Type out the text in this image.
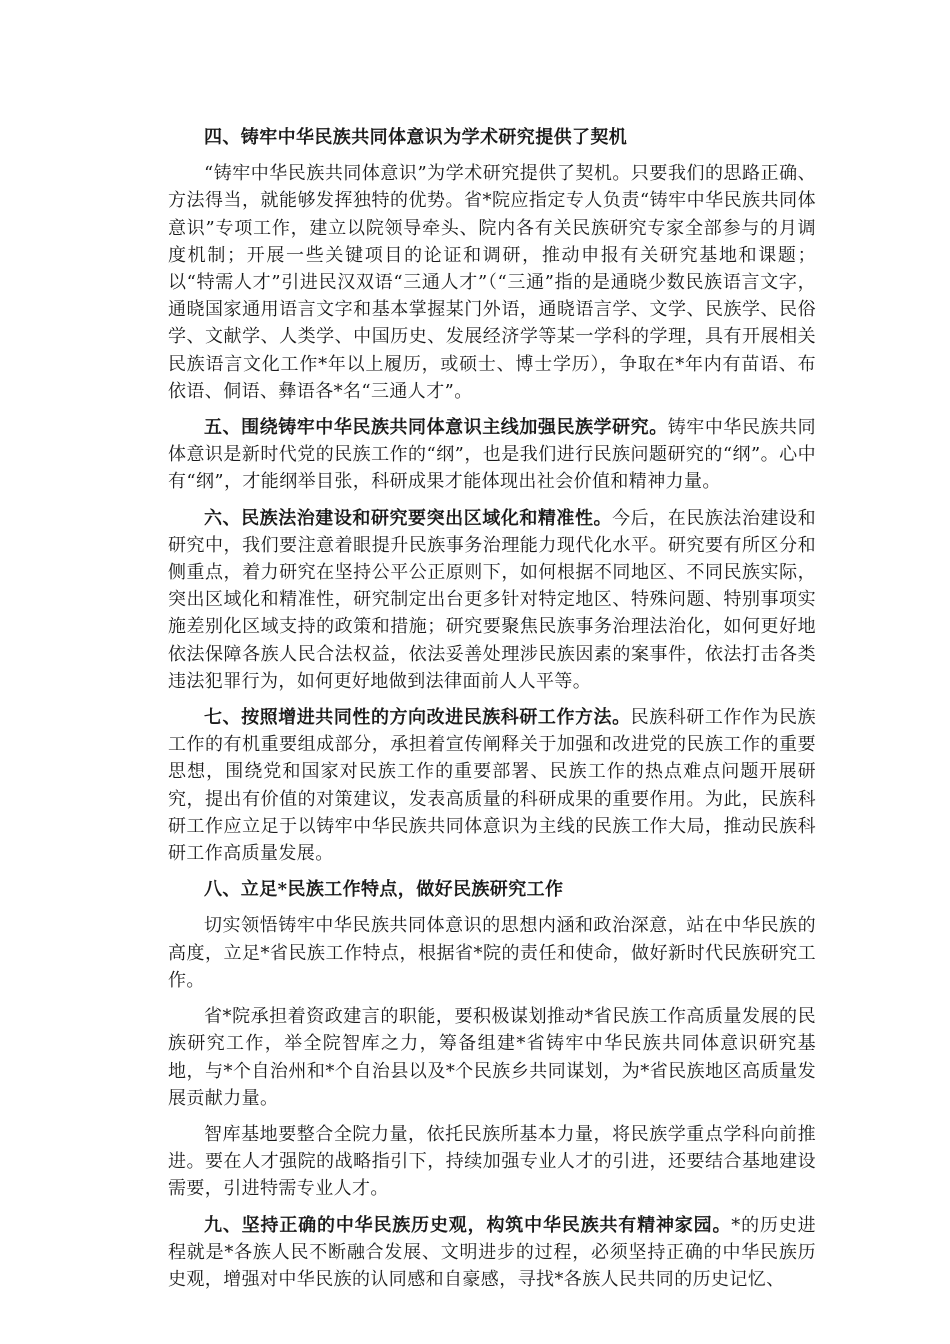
四、铸牢中华民族共同体意识为学术研究提供了契机

“铸牢中华民族共同体意识”为学术研究提供了契机。只要我们的思路正确、方法得当，就能够发挥独特的优势。省*院应指定专人负责“铸牢中华民族共同体意识”专项工作，建立以院领导牵头、院内各有关民族研究专家全部参与的月调度机制；开展一些关键项目的论证和调研，推动申报有关研究基地和课题；以“特需人才”引进民汉双语“三通人才”（“三通”指的是通晓少数民族语言文字，通晓国家通用语言文字和基本掌握某门外语，通晓语言学、文学、民族学、民俗学、文献学、人类学、中国历史、发展经济学等某一学科的学理，具有开展相关民族语言文化工作*年以上履历，或硕士、博士学历），争取在*年内有苗语、布依语、侗语、彝语各*名“三通人才”。

五、围绕铸牢中华民族共同体意识主线加强民族学研究。铸牢中华民族共同体意识是新时代党的民族工作的“纲”，也是我们进行民族问题研究的“纲”。心中有“纲”，才能纲举目张，科研成果才能体现出社会价值和精神力量。

六、民族法治建设和研究要突出区域化和精准性。今后，在民族法治建设和研究中，我们要注意着眼提升民族事务治理能力现代化水平。研究要有所区分和侧重点，着力研究在坚持公平公正原则下，如何根据不同地区、不同民族实际，突出区域化和精准性，研究制定出台更多针对特定地区、特殊问题、特别事项实施差别化区域支持的政策和措施；研究要聚焦民族事务治理法治化，如何更好地依法保障各族人民合法权益，依法妥善处理涉民族因素的案事件，依法打击各类违法犯罪行为，如何更好地做到法律面前人人平等。

七、按照增进共同性的方向改进民族科研工作方法。民族科研工作作为民族工作的有机重要组成部分，承担着宣传阐释关于加强和改进党的民族工作的重要思想，围绕党和国家对民族工作的重要部署、民族工作的热点难点问题开展研究，提出有价值的对策建议，发表高质量的科研成果的重要作用。为此，民族科研工作应立足于以铸牢中华民族共同体意识为主线的民族工作大局，推动民族科研工作高质量发展。

八、立足*民族工作特点，做好民族研究工作

切实领悟铸牢中华民族共同体意识的思想内涵和政治深意，站在中华民族的高度，立足*省民族工作特点，根据省*院的责任和使命，做好新时代民族研究工作。

省*院承担着资政建言的职能，要积极谋划推动*省民族工作高质量发展的民族研究工作，举全院智库之力，筹备组建*省铸牢中华民族共同体意识研究基地，与*个自治州和*个自治县以及*个民族乡共同谋划，为*省民族地区高质量发展贡献力量。

智库基地要整合全院力量，依托民族所基本力量，将民族学重点学科向前推进。要在人才强院的战略指引下，持续加强专业人才的引进，还要结合基地建设需要，引进特需专业人才。

九、坚持正确的中华民族历史观，构筑中华民族共有精神家园。*的历史进程就是*各族人民不断融合发展、文明进步的过程，必须坚持正确的中华民族历史观，增强对中华民族的认同感和自豪感，寻找*各族人民共同的历史记忆、
